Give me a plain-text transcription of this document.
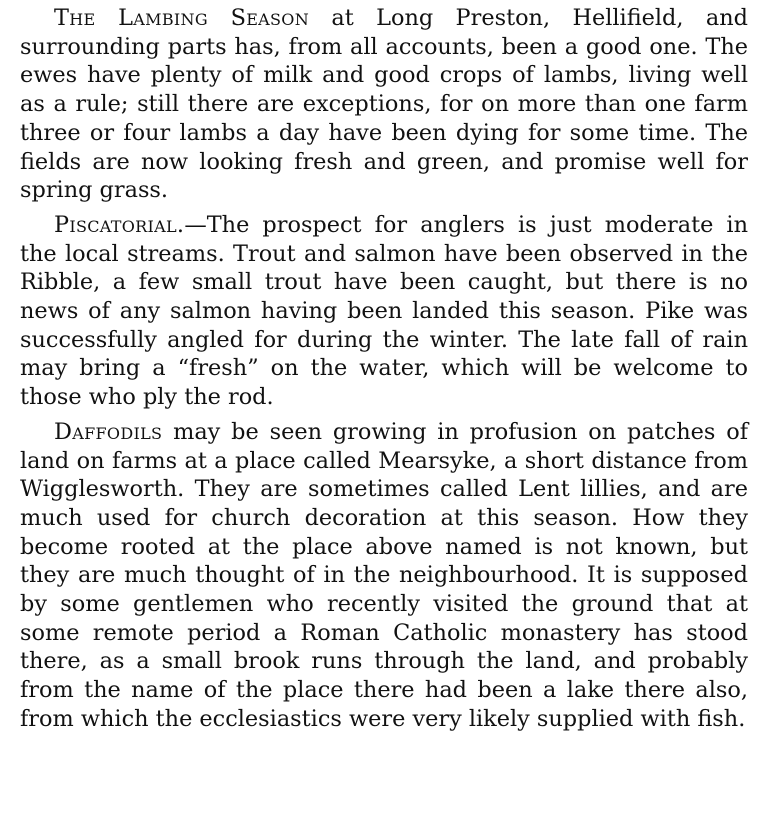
The Lambing Season at Long Preston, Hellifield, and surrounding parts has, from all accounts, been a good one. The ewes have plenty of milk and good crops of lambs, living well as a rule; still there are exceptions, for on more than one farm three or four lambs a day have been dying for some time. The fields are now looking fresh and green, and promise well for spring grass.

Piscatorial.—The prospect for anglers is just moderate in the local streams. Trout and salmon have been observed in the Ribble, a few small trout have been caught, but there is no news of any salmon having been landed this season. Pike was successfully angled for during the winter. The late fall of rain may bring a “fresh” on the water, which will be welcome to those who ply the rod.

Daffodils may be seen growing in profusion on patches of land on farms at a place called Mearsyke, a short distance from Wigglesworth. They are sometimes called Lent lillies, and are much used for church decoration at this season. How they become rooted at the place above named is not known, but they are much thought of in the neighbourhood. It is supposed by some gentlemen who recently visited the ground that at some remote period a Roman Catholic monastery has stood there, as a small brook runs through the land, and probably from the name of the place there had been a lake there also, from which the ecclesiastics were very likely supplied with fish.
